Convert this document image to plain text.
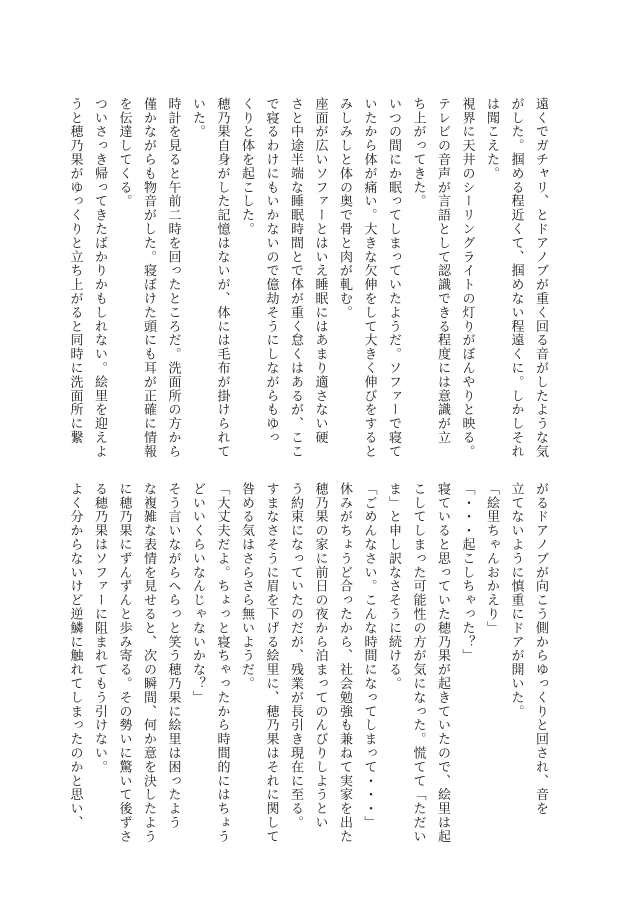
遠くでガチャリ、とドアノブが重く回る音がしたような気
がした。掴める程近くて、掴めない程遠くに。しかしそれ
は聞こえた。
視界に天井のシーリングライトの灯りがぼんやりと映る。
テレビの音声が言語として認識できる程度には意識が立
ち上がってきた。
いつの間にか眠ってしまっていたようだ。ソファーで寝て
いたから体が痛い。大きな欠伸をして大きく伸びをすると
みしみしと体の奥で骨と肉が軋む。
座面が広いソファーとはいえ睡眠にはあまり適さない硬
さと中途半端な睡眠時間とで体が重く怠くはあるが、ここ
で寝るわけにもいかないので億劫そうにしながらもゆっ
くりと体を起こした。
穂乃果自身がした記憶はないが、体には毛布が掛けられて
いた。
時計を見ると午前二時を回ったところだ。洗面所の方から
僅かながらも物音がした。寝ぼけた頭にも耳が正確に情報
を伝達してくる。
ついさっき帰ってきたばかりかもしれない。絵里を迎えよ
うと穂乃果がゆっくりと立ち上がると同時に洗面所に繋
がるドアノブが向こう側からゆっくりと回され、音を
立てないように慎重にドアが開いた。
「絵里ちゃんおかえり」
「・・・起こしちゃった？」
寝ていると思っていた穂乃果が起きていたので、絵里は起
こしてしまった可能性の方が気になった。慌てて「ただい
ま」と申し訳なさそうに続ける。
「ごめんなさい。こんな時間になってしまって・・・」
休みがちょうど合ったから、社会勉強も兼ねて実家を出た
穂乃果の家に前日の夜から泊まってのんびりしようとい
う約束になっていたのだが、残業が長引き現在に至る。
すまなさそうに眉を下げる絵里に、穂乃果はそれに関して
咎める気はさらさら無いようだ。
「大丈夫だよ。ちょっと寝ちゃったから時間的にはちょう
どいいくらいなんじゃないかな？」
そう言いながらへらっと笑う穂乃果に絵里は困ったよう
な複雑な表情を見せると、次の瞬間、何か意を決したよう
に穂乃果にずんずんと歩み寄る。その勢いに驚いて後ずさ
る穂乃果はソファーに阻まれてもう引けない。
よく分からないけど逆鱗に触れてしまったのかと思い、
